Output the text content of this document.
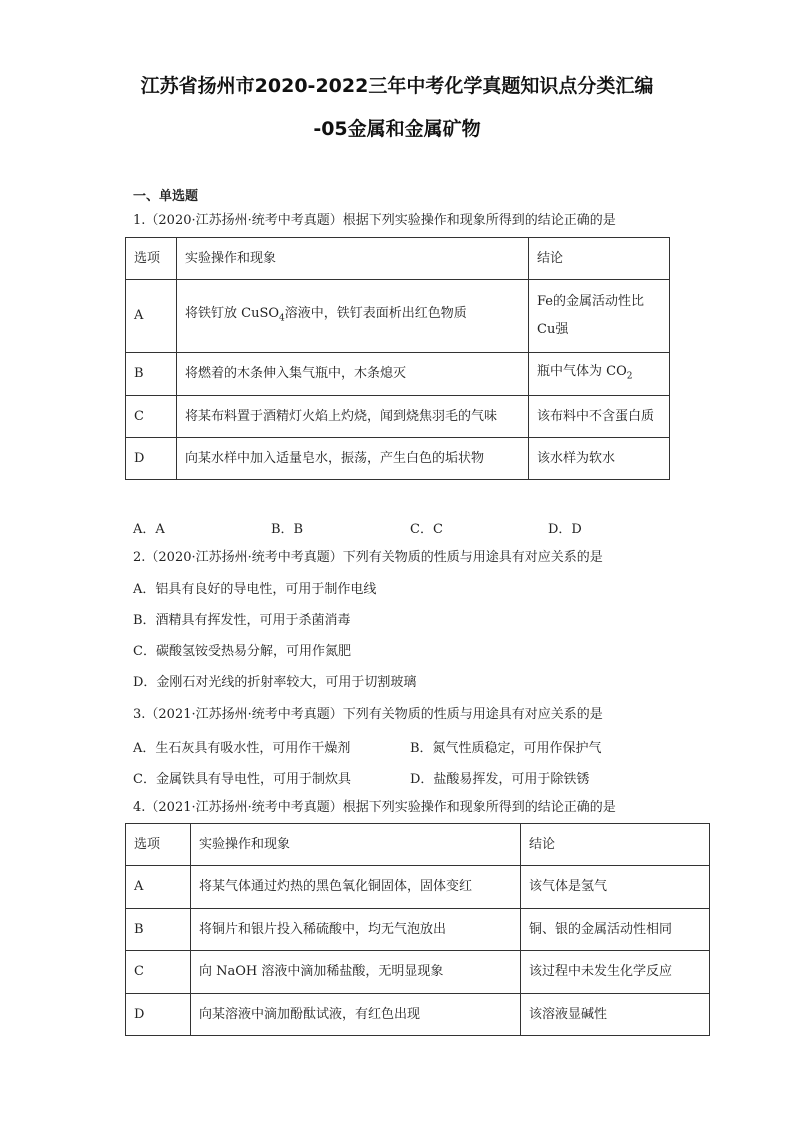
江苏省扬州市2020-2022三年中考化学真题知识点分类汇编
-05金属和金属矿物
一、单选题
1.（2020·江苏扬州·统考中考真题）根据下列实验操作和现象所得到的结论正确的是
选项	实验操作和现象	结论
A	将铁钉放 CuSO$_4$溶液中，铁钉表面析出红色物质	Fe的金属活动性比
Cu强

B	将燃着的木条伸入集气瓶中，木条熄灭	瓶中气体为 $CO_2$
C	将某布料置于酒精灯火焰上灼烧，闻到烧焦羽毛的气味	该布料中不含蛋白质
D	向某水样中加入适量皂水，振荡，产生白色的垢状物	该水样为软水
A．A	B．B	C．C	D．D
2.（2020·江苏扬州·统考中考真题）下列有关物质的性质与用途具有对应关系的是
A．铝具有良好的导电性，可用于制作电线
B．酒精具有挥发性，可用于杀菌消毒
C．碳酸氢铵受热易分解，可用作氮肥
D．金刚石对光线的折射率较大，可用于切割玻璃
3.（2021·江苏扬州·统考中考真题）下列有关物质的性质与用途具有对应关系的是
A．生石灰具有吸水性，可用作干燥剂	B．氮气性质稳定，可用作保护气
C．金属铁具有导电性，可用于制炊具	D．盐酸易挥发，可用于除铁锈
4.（2021·江苏扬州·统考中考真题）根据下列实验操作和现象所得到的结论正确的是
选项	实验操作和现象	结论
A	将某气体通过灼热的黑色氧化铜固体，固体变红	该气体是氢气
B	将铜片和银片投入稀硫酸中，均无气泡放出	铜、银的金属活动性相同
C	向 NaOH 溶液中滴加稀盐酸，无明显现象	该过程中未发生化学反应
D	向某溶液中滴加酚酞试液，有红色出现	该溶液显碱性
